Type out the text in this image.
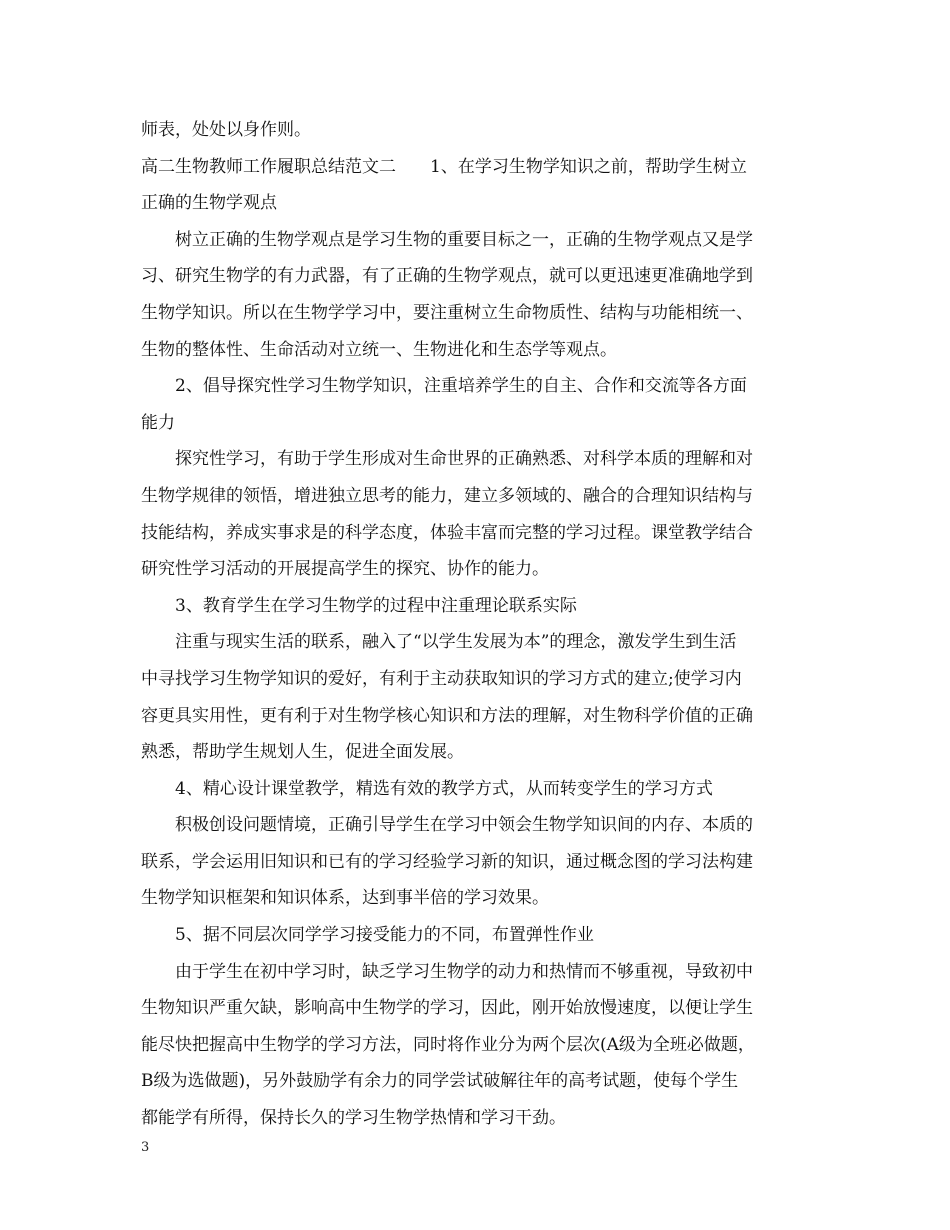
师表，处处以身作则。
高二生物教师工作履职总结范文二　　1、在学习生物学知识之前，帮助学生树立
正确的生物学观点
树立正确的生物学观点是学习生物的重要目标之一，正确的生物学观点又是学
习、研究生物学的有力武器，有了正确的生物学观点，就可以更迅速更准确地学到
生物学知识。所以在生物学学习中，要注重树立生命物质性、结构与功能相统一、
生物的整体性、生命活动对立统一、生物进化和生态学等观点。
2、倡导探究性学习生物学知识，注重培养学生的自主、合作和交流等各方面
能力
探究性学习，有助于学生形成对生命世界的正确熟悉、对科学本质的理解和对
生物学规律的领悟，增进独立思考的能力，建立多领域的、融合的合理知识结构与
技能结构，养成实事求是的科学态度，体验丰富而完整的学习过程。课堂教学结合
研究性学习活动的开展提高学生的探究、协作的能力。
3、教育学生在学习生物学的过程中注重理论联系实际
注重与现实生活的联系，融入了“以学生发展为本”的理念，激发学生到生活
中寻找学习生物学知识的爱好，有利于主动获取知识的学习方式的建立;使学习内
容更具实用性，更有利于对生物学核心知识和方法的理解，对生物科学价值的正确
熟悉，帮助学生规划人生，促进全面发展。
4、精心设计课堂教学，精选有效的教学方式，从而转变学生的学习方式
积极创设问题情境，正确引导学生在学习中领会生物学知识间的内存、本质的
联系，学会运用旧知识和已有的学习经验学习新的知识，通过概念图的学习法构建
生物学知识框架和知识体系，达到事半倍的学习效果。
5、据不同层次同学学习接受能力的不同，布置弹性作业
由于学生在初中学习时，缺乏学习生物学的动力和热情而不够重视，导致初中
生物知识严重欠缺，影响高中生物学的学习，因此，刚开始放慢速度，以便让学生
能尽快把握高中生物学的学习方法，同时将作业分为两个层次(A级为全班必做题，
B级为选做题)，另外鼓励学有余力的同学尝试破解往年的高考试题，使每个学生
都能学有所得，保持长久的学习生物学热情和学习干劲。
3
